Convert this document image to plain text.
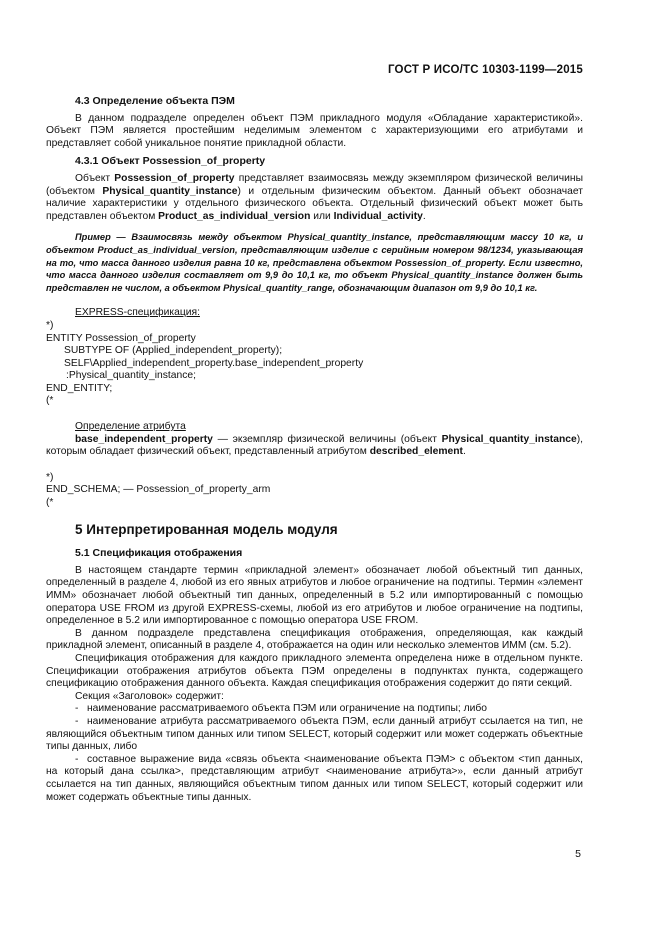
ГОСТ Р ИСО/ТС 10303-1199—2015

4.3 Определение объекта ПЭМ

В данном подразделе определен объект ПЭМ прикладного модуля «Обладание характеристикой». Объект ПЭМ является простейшим неделимым элементом с характеризующими его атрибутами и представляет собой уникальное понятие прикладной области.

4.3.1 Объект Possession_of_property

Объект Possession_of_property представляет взаимосвязь между экземпляром физической величины (объектом Physical_quantity_instance) и отдельным физическим объектом. Данный объект обозначает наличие характеристики у отдельного физического объекта. Отдельный физический объект может быть представлен объектом Product_as_individual_version или Individual_activity.

Пример — Взаимосвязь между объектом Physical_quantity_instance, представляющим массу 10 кг, и объектом Product_as_individual_version, представляющим изделие с серийным номером 98/1234, указывающая на то, что масса данного изделия равна 10 кг, представлена объектом Possession_of_property. Если известно, что масса данного изделия составляет от 9,9 до 10,1 кг, то объект Physical_quantity_instance должен быть представлен не числом, а объектом Physical_quantity_range, обозначающим диапазон от 9,9 до 10,1 кг.

EXPRESS-спецификация:

*)

ENTITY Possession_of_property

SUBTYPE OF (Applied_independent_property);

SELF\Applied_independent_property.base_independent_property

:Physical_quantity_instance;

END_ENTITY;

(*

Определение атрибута

base_independent_property — экземпляр физической величины (объект Physical_quantity_instance), которым обладает физический объект, представленный атрибутом described_element.

*)

END_SCHEMA; — Possession_of_property_arm

(*

5 Интерпретированная модель модуля

5.1 Спецификация отображения

В настоящем стандарте термин «прикладной элемент» обозначает любой объектный тип данных, определенный в разделе 4, любой из его явных атрибутов и любое ограничение на подтипы. Термин «элемент ИММ» обозначает любой объектный тип данных, определенный в 5.2 или импортированный с помощью оператора USE FROM из другой EXPRESS-схемы, любой из его атрибутов и любое ограничение на подтипы, определенное в 5.2 или импортированное с помощью оператора USE FROM.

В данном подразделе представлена спецификация отображения, определяющая, как каждый прикладной элемент, описанный в разделе 4, отображается на один или несколько элементов ИММ (см. 5.2).

Спецификация отображения для каждого прикладного элемента определена ниже в отдельном пункте. Спецификации отображения атрибутов объекта ПЭМ определены в подпунктах пункта, содержащего спецификацию отображения данного объекта. Каждая спецификация отображения содержит до пяти секций.

Секция «Заголовок» содержит:

- наименование рассматриваемого объекта ПЭМ или ограничение на подтипы; либо

- наименование атрибута рассматриваемого объекта ПЭМ, если данный атрибут ссылается на тип, не являющийся объектным типом данных или типом SELECT, который содержит или может содержать объектные типы данных, либо

- составное выражение вида «связь объекта <наименование объекта ПЭМ> с объектом <тип данных, на который дана ссылка>, представляющим атрибут <наименование атрибута>», если данный атрибут ссылается на тип данных, являющийся объектным типом данных или типом SELECT, который содержит или может содержать объектные типы данных.

5
